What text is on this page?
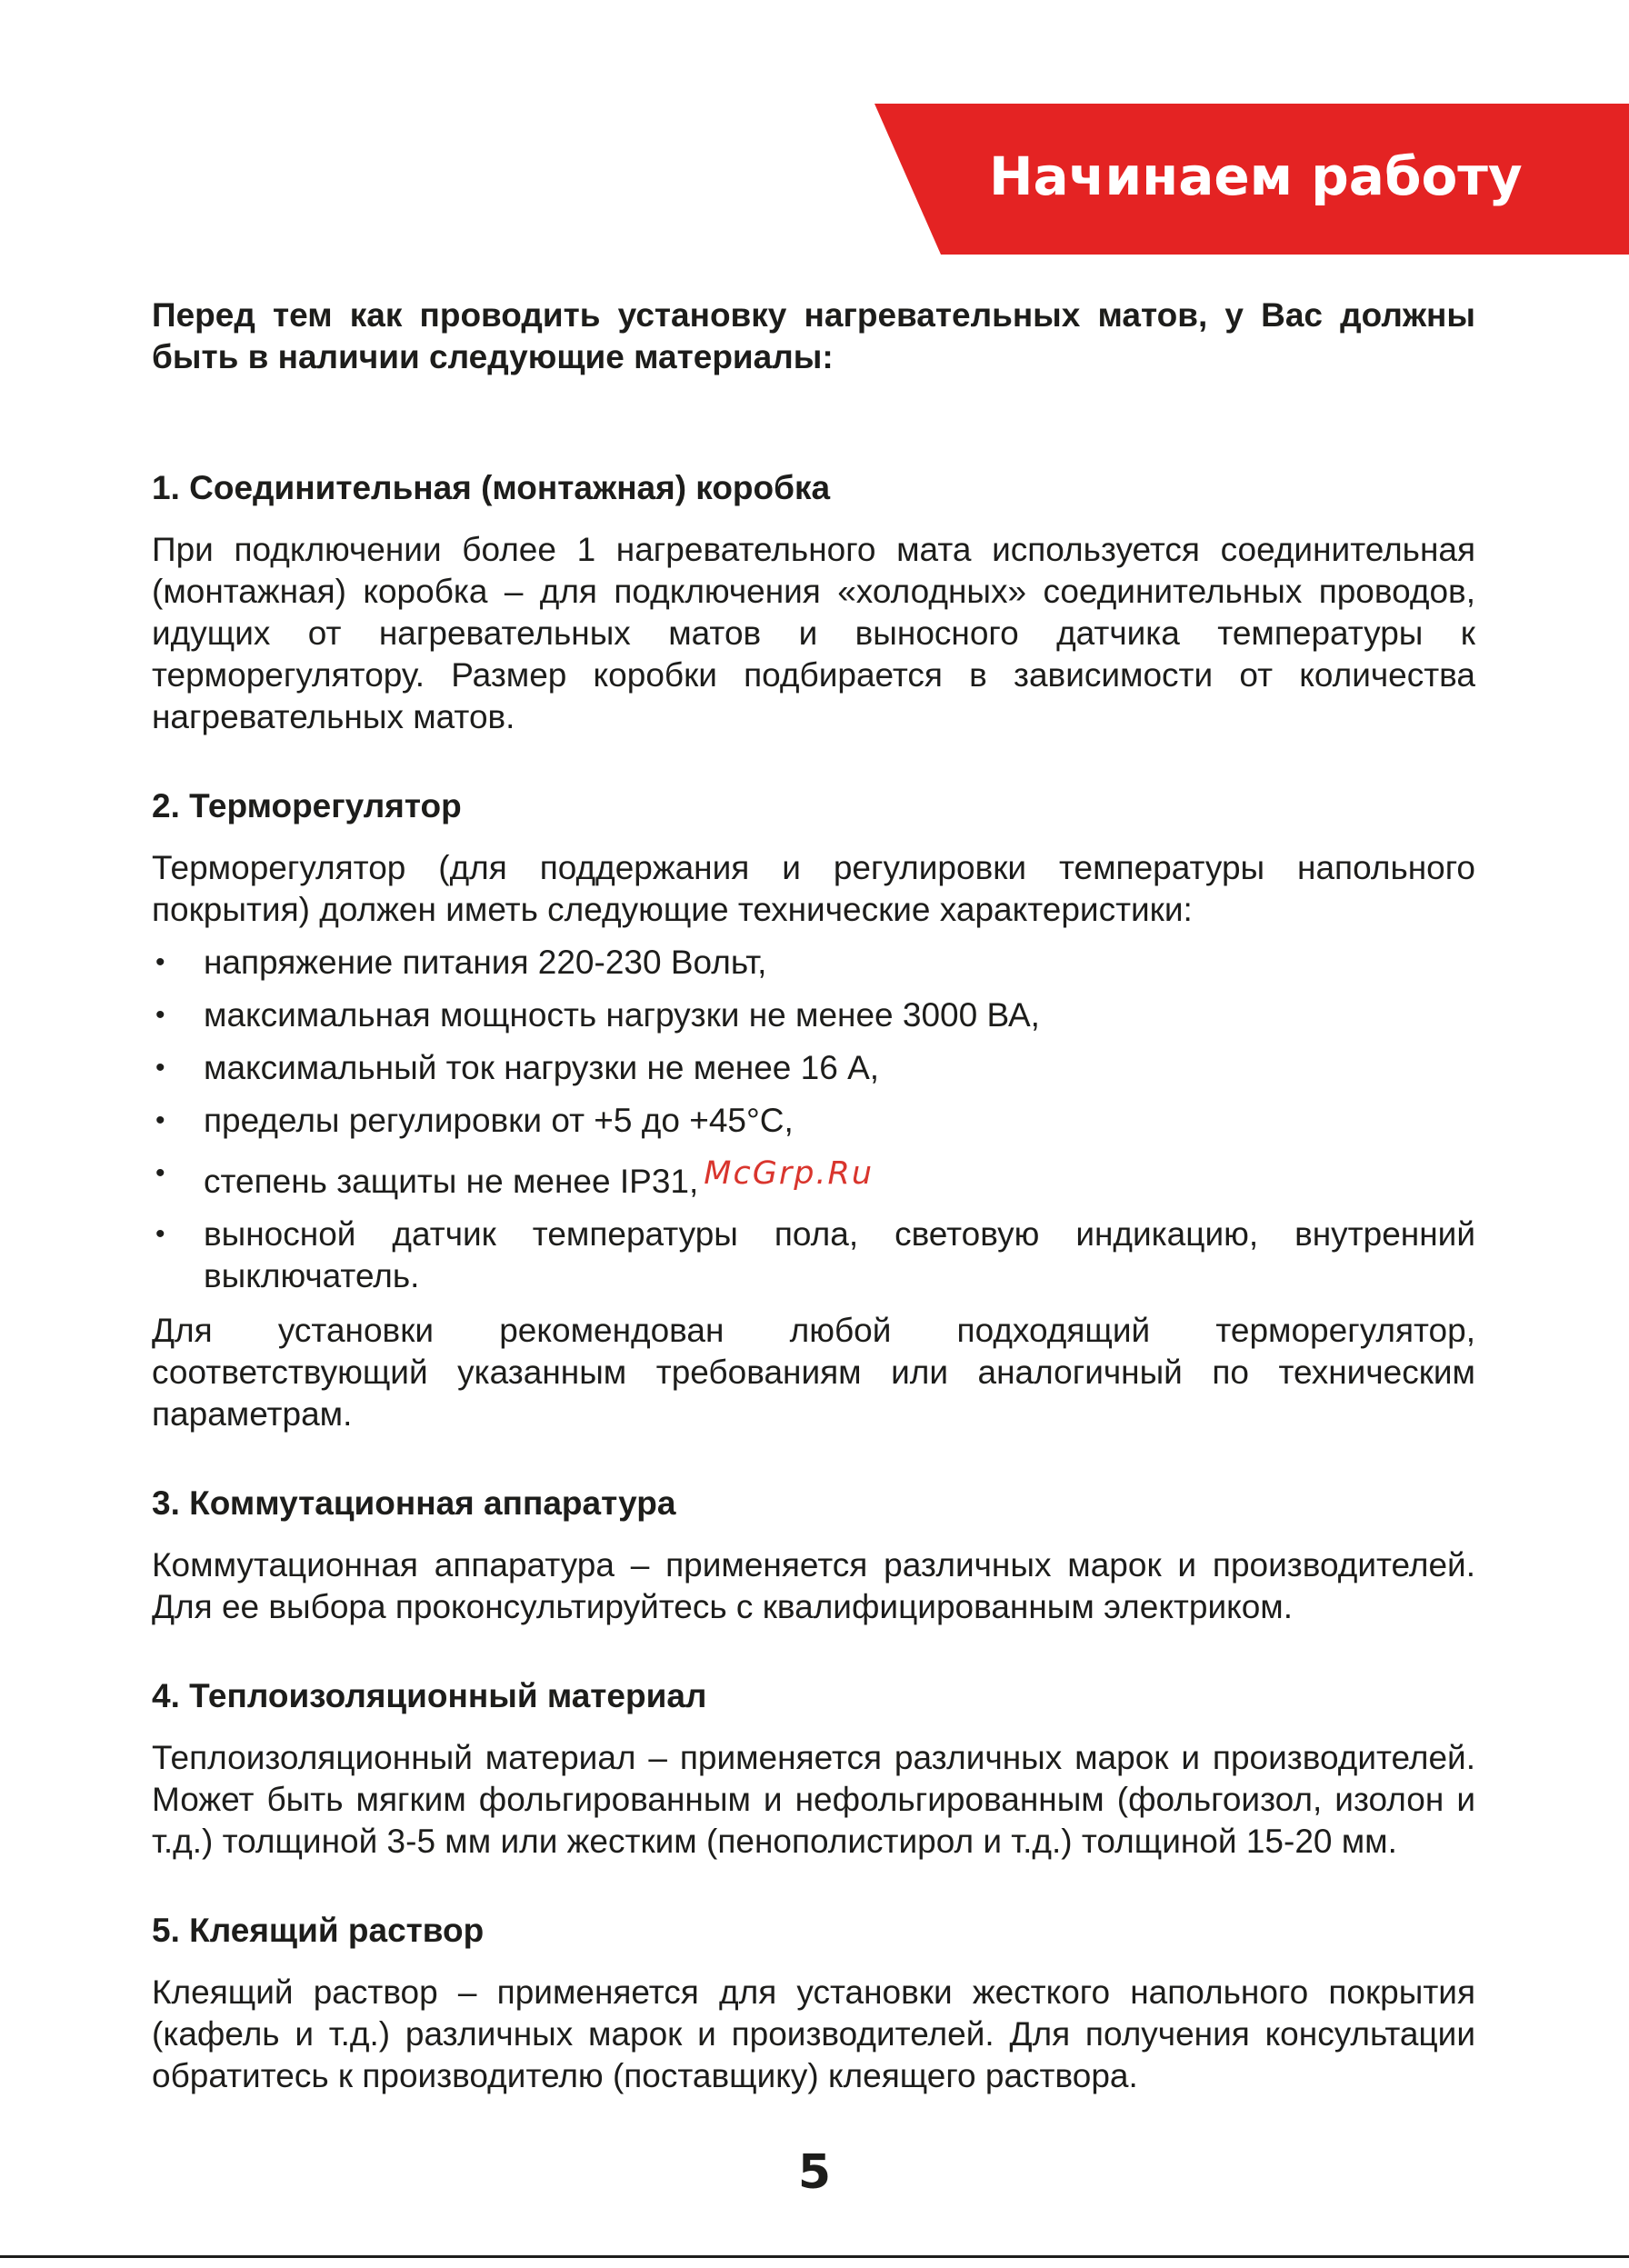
Начинаем работу

Перед тем как проводить установку нагревательных матов, у Вас должны быть в наличии следующие материалы:

1. Соединительная (монтажная) коробка

При подключении более 1 нагревательного мата используется соединительная (монтажная) коробка – для подключения «холодных» соединительных проводов, идущих от нагревательных матов и выносного датчика температуры к терморегулятору. Размер коробки подбирается в зависимости от количества нагревательных матов.

2. Терморегулятор

Терморегулятор (для поддержания и регулировки температуры напольного покрытия) должен иметь следующие технические характеристики:

• напряжение питания 220-230 Вольт,
• максимальная мощность нагрузки не менее 3000 ВА,
• максимальный ток нагрузки не менее 16 А,
• пределы регулировки от +5 до +45°С,
• степень защиты не менее IP31, McGrp.Ru
• выносной датчик температуры пола, световую индикацию, внутренний выключатель.

Для установки рекомендован любой подходящий терморегулятор, соответствующий указанным требованиям или аналогичный по техническим параметрам.

3. Коммутационная аппаратура

Коммутационная аппаратура – применяется различных марок и производителей. Для ее выбора проконсультируйтесь с квалифицированным электриком.

4. Теплоизоляционный материал

Теплоизоляционный материал – применяется различных марок и производителей. Может быть мягким фольгированным и нефольгированным (фольгоизол, изолон и т.д.) толщиной 3-5 мм или жестким (пенополистирол и т.д.) толщиной 15-20 мм.

5. Клеящий раствор

Клеящий раствор – применяется для установки жесткого напольного покрытия (кафель и т.д.) различных марок и производителей. Для получения консультации обратитесь к производителю (поставщику) клеящего раствора.

5
